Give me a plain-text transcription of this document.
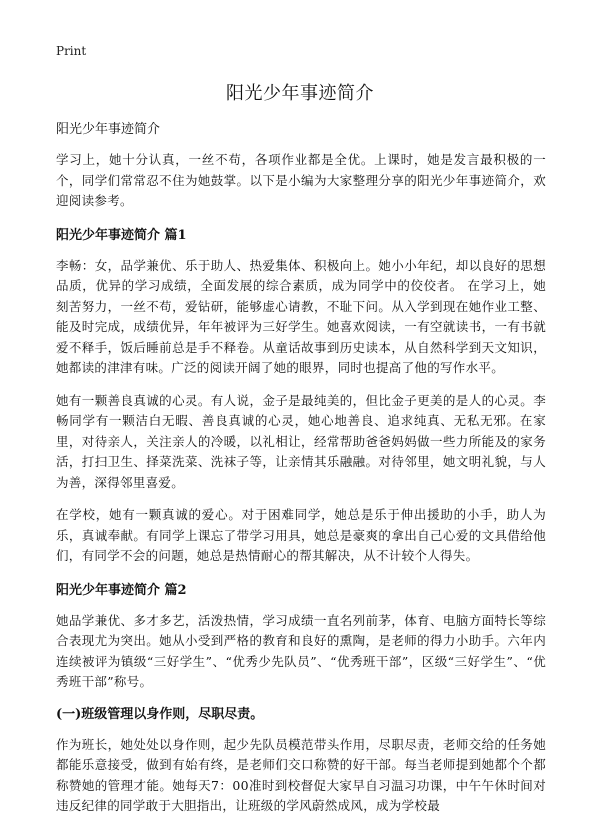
Print
阳光少年事迹简介
阳光少年事迹简介

学习上，她十分认真，一丝不苟，各项作业都是全优。上课时，她是发言最积极的一个，同学们常常忍不住为她鼓掌。以下是小编为大家整理分享的阳光少年事迹简介，欢迎阅读参考。

阳光少年事迹简介 篇1

李畅：女，品学兼优、乐于助人、热爱集体、积极向上。她小小年纪，却以良好的思想品质，优异的学习成绩，全面发展的综合素质，成为同学中的佼佼者。 在学习上，她刻苦努力，一丝不苟，爱钻研，能够虚心请教，不耻下问。从入学到现在她作业工整、能及时完成，成绩优异，年年被评为三好学生。她喜欢阅读，一有空就读书，一有书就爱不释手，饭后睡前总是手不释卷。从童话故事到历史读本，从自然科学到天文知识，她都读的津津有味。广泛的阅读开阔了她的眼界，同时也提高了他的写作水平。

她有一颗善良真诚的心灵。有人说，金子是最纯美的，但比金子更美的是人的心灵。李畅同学有一颗洁白无暇、善良真诚的心灵，她心地善良、追求纯真、无私无邪。在家里，对待亲人，关注亲人的冷暖，以礼相让，经常帮助爸爸妈妈做一些力所能及的家务活，打扫卫生、择菜洗菜、洗袜子等，让亲情其乐融融。对待邻里，她文明礼貌，与人为善，深得邻里喜爱。

在学校，她有一颗真诚的爱心。对于困难同学，她总是乐于伸出援助的小手，助人为乐，真诚奉献。有同学上课忘了带学习用具，她总是豪爽的拿出自己心爱的文具借给他们，有同学不会的问题，她总是热情耐心的帮其解决，从不计较个人得失。

阳光少年事迹简介 篇2

她品学兼优、多才多艺，活泼热情，学习成绩一直名列前茅，体育、电脑方面特长等综合表现尤为突出。她从小受到严格的教育和良好的熏陶，是老师的得力小助手。六年内连续被评为镇级“三好学生”、“优秀少先队员”、“优秀班干部”，区级“三好学生”、“优秀班干部”称号。

(一)班级管理以身作则，尽职尽责。

作为班长，她处处以身作则，起少先队员模范带头作用，尽职尽责，老师交给的任务她都能乐意接受，做到有始有终，是老师们交口称赞的好干部。每当老师提到她都个个都称赞她的管理才能。她每天7：00准时到校督促大家早自习温习功课，中午午休时间对违反纪律的同学敢于大胆指出，让班级的学风蔚然成风，成为学校最
